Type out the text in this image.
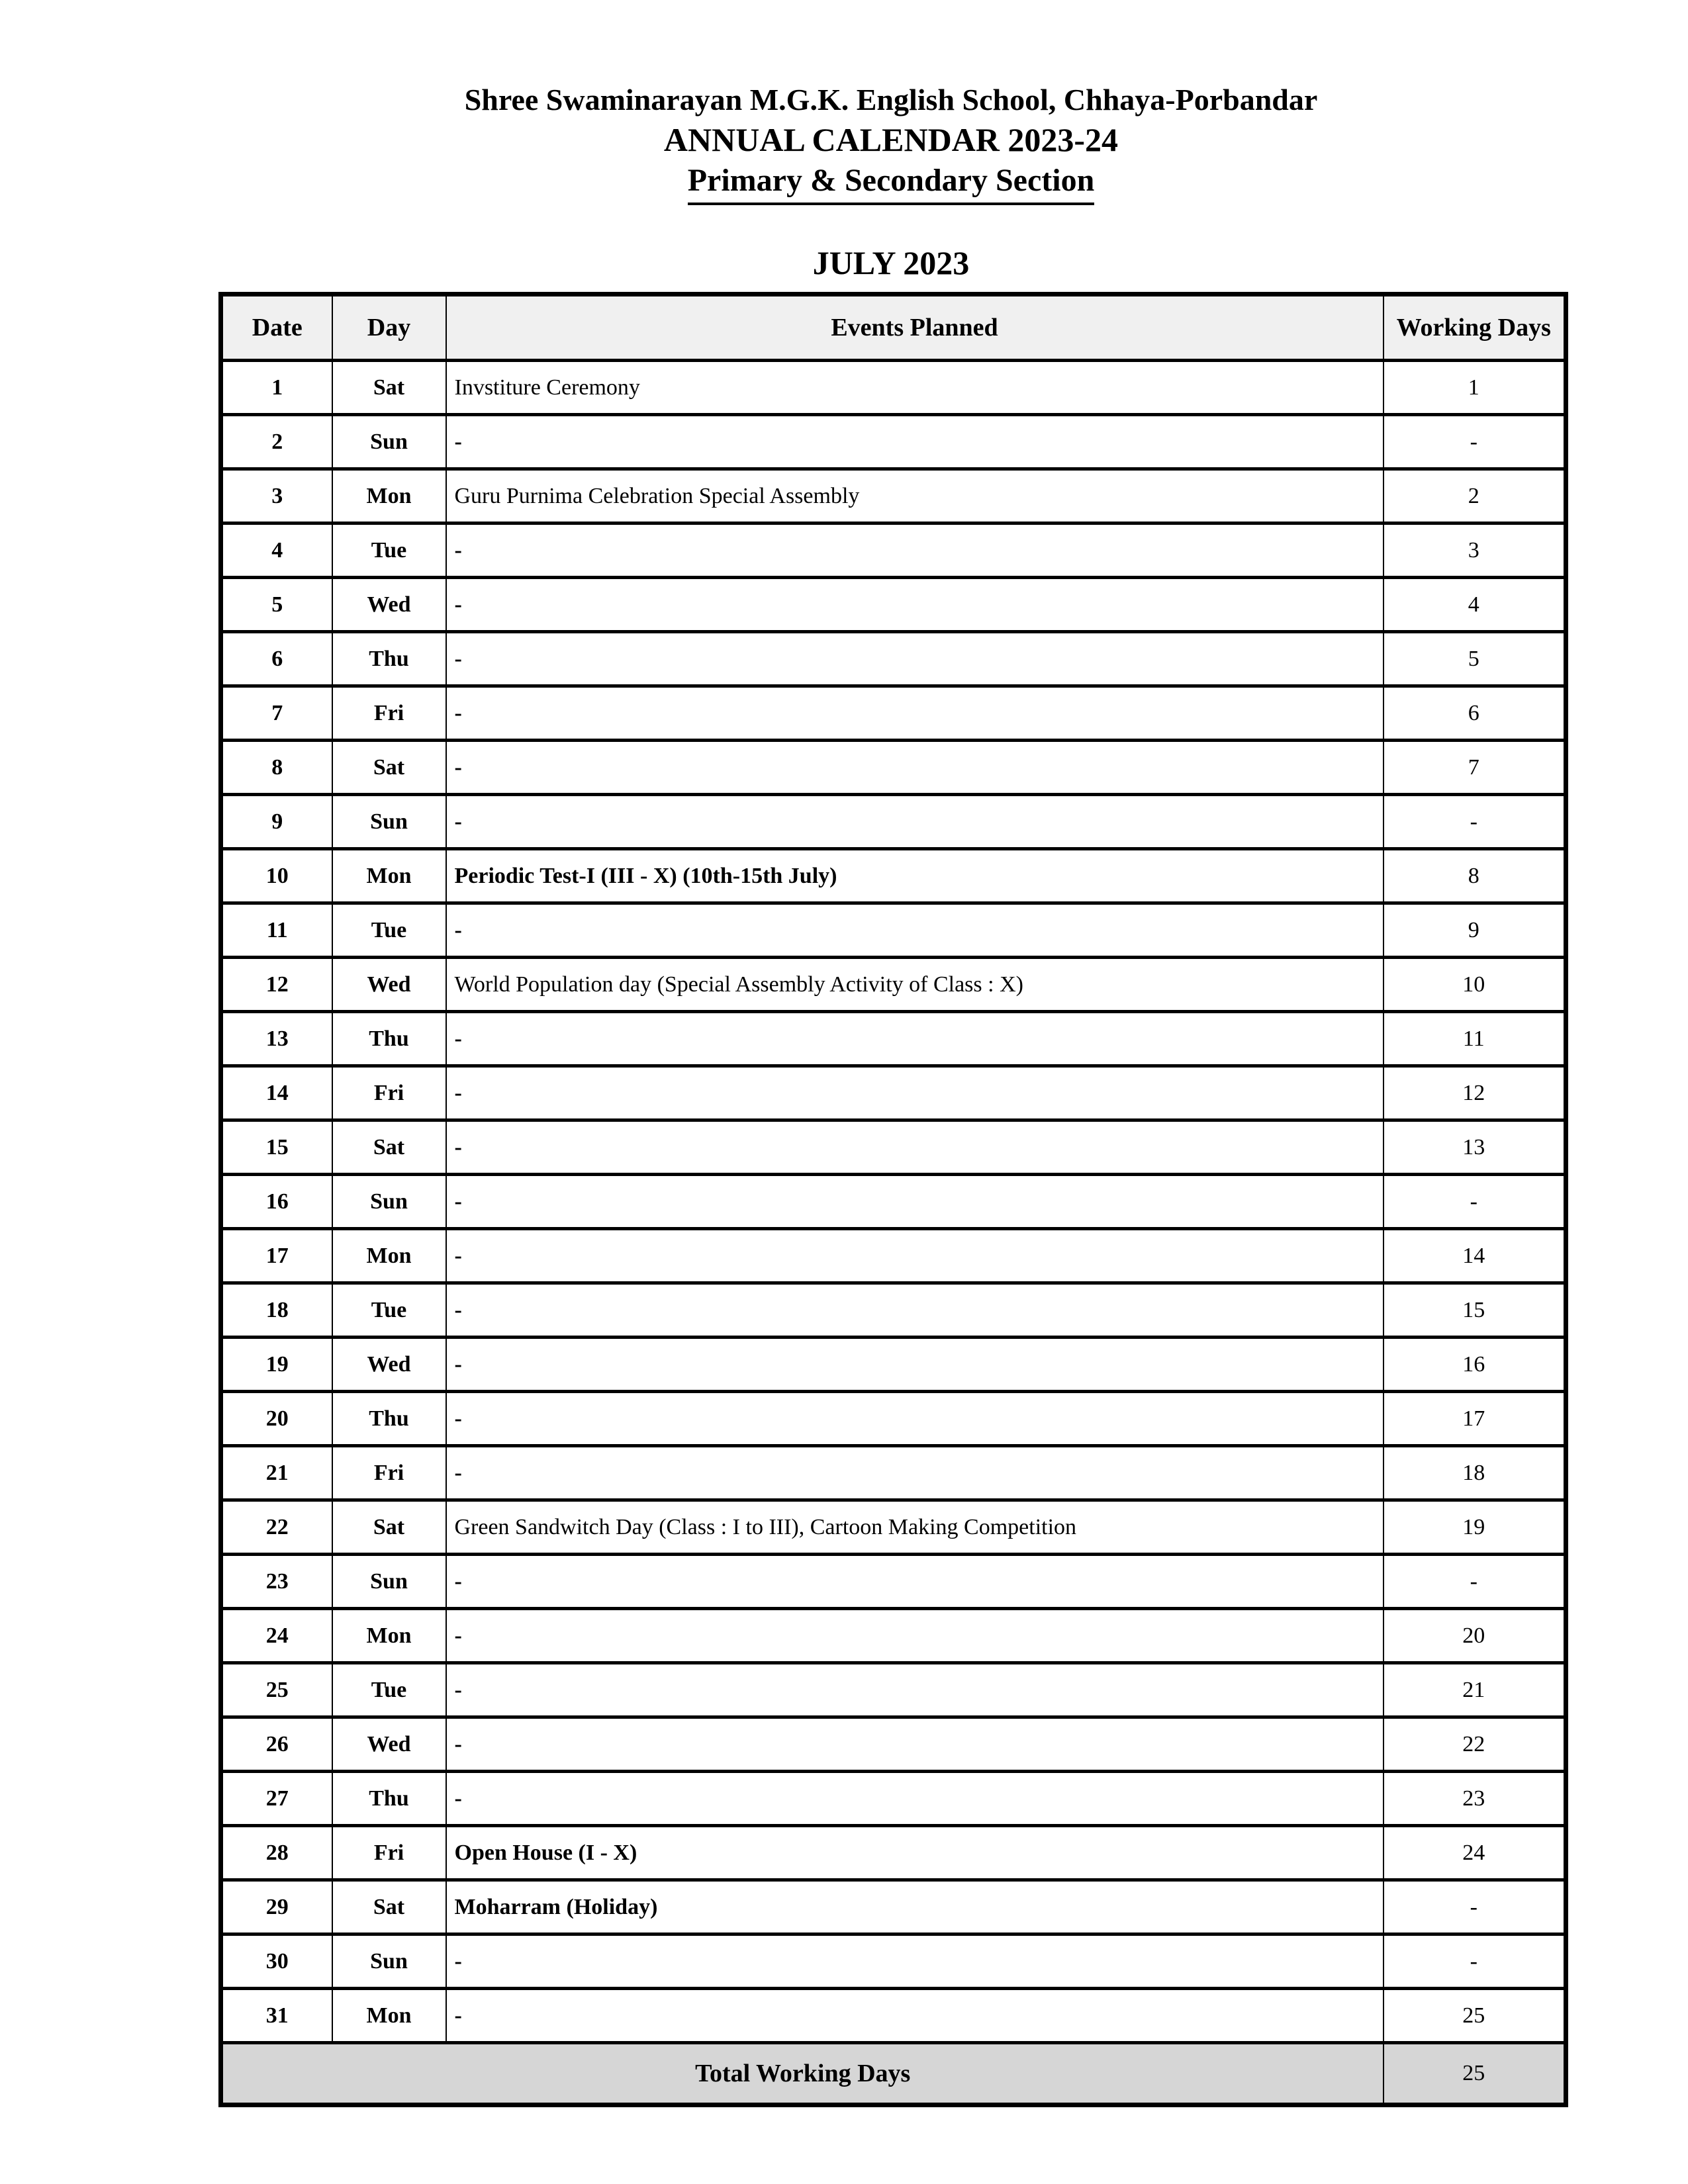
Shree Swaminarayan M.G.K. English School, Chhaya-Porbandar
ANNUAL CALENDAR 2023-24
Primary & Secondary Section
JULY 2023
Date	Day	Events Planned	Working Days
1	Sat	Invstiture Ceremony	1
2	Sun	-	-
3	Mon	Guru Purnima Celebration Special Assembly	2
4	Tue	-	3
5	Wed	-	4
6	Thu	-	5
7	Fri	-	6
8	Sat	-	7
9	Sun	-	-
10	Mon	Periodic Test-I (III - X) (10th-15th July)	8
11	Tue	-	9
12	Wed	World Population day (Special Assembly Activity of Class : X)	10
13	Thu	-	11
14	Fri	-	12
15	Sat	-	13
16	Sun	-	-
17	Mon	-	14
18	Tue	-	15
19	Wed	-	16
20	Thu	-	17
21	Fri	-	18
22	Sat	Green Sandwitch Day (Class : I to III), Cartoon Making Competition	19
23	Sun	-	-
24	Mon	-	20
25	Tue	-	21
26	Wed	-	22
27	Thu	-	23
28	Fri	Open House (I - X)	24
29	Sat	Moharram (Holiday)	-
30	Sun	-	-
31	Mon	-	25
Total Working Days			25
